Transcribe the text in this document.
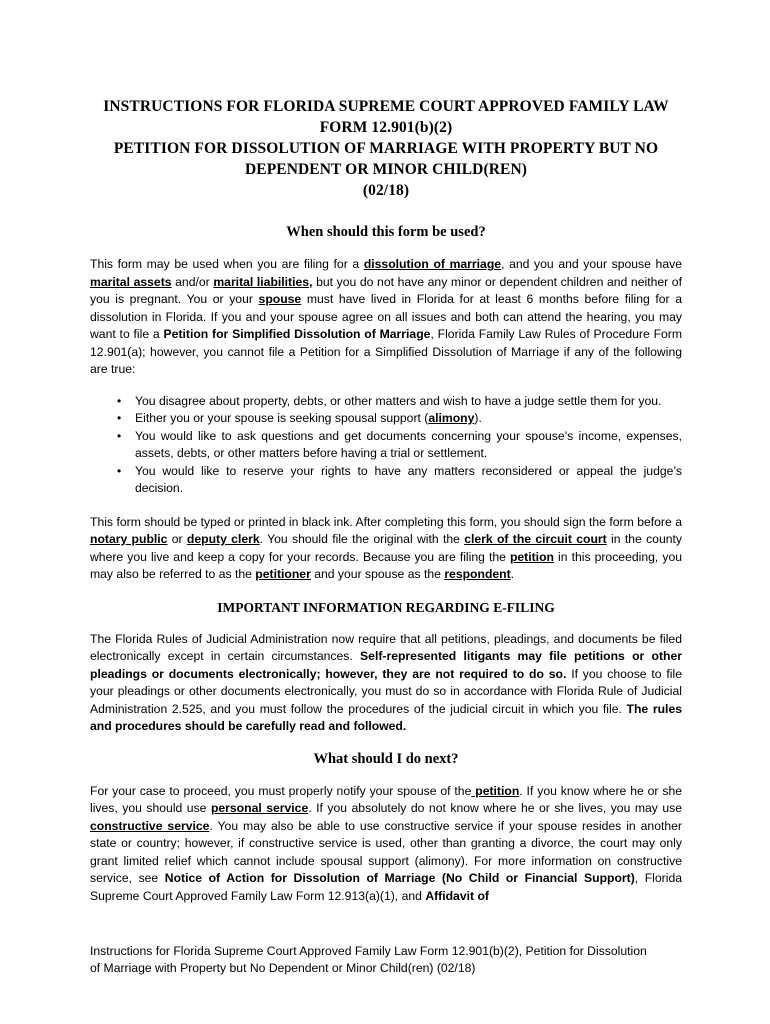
INSTRUCTIONS FOR FLORIDA SUPREME COURT APPROVED FAMILY LAW
FORM 12.901(b)(2)
PETITION FOR DISSOLUTION OF MARRIAGE WITH PROPERTY BUT NO
DEPENDENT OR MINOR CHILD(REN)
(02/18)
When should this form be used?

This form may be used when you are filing for a dissolution of marriage, and you and your spouse have marital assets and/or marital liabilities, but you do not have any minor or dependent children and neither of you is pregnant. You or your spouse must have lived in Florida for at least 6 months before filing for a dissolution in Florida. If you and your spouse agree on all issues and both can attend the hearing, you may want to file a Petition for Simplified Dissolution of Marriage, Florida Family Law Rules of Procedure Form 12.901(a); however, you cannot file a Petition for a Simplified Dissolution of Marriage if any of the following are true:

• You disagree about property, debts, or other matters and wish to have a judge settle them for you.
• Either you or your spouse is seeking spousal support (alimony).
• You would like to ask questions and get documents concerning your spouse’s income, expenses, assets, debts, or other matters before having a trial or settlement.
• You would like to reserve your rights to have any matters reconsidered or appeal the judge’s decision.

This form should be typed or printed in black ink. After completing this form, you should sign the form before a notary public or deputy clerk. You should file the original with the clerk of the circuit court in the county where you live and keep a copy for your records. Because you are filing the petition in this proceeding, you may also be referred to as the petitioner and your spouse as the respondent.

IMPORTANT INFORMATION REGARDING E-FILING

The Florida Rules of Judicial Administration now require that all petitions, pleadings, and documents be filed electronically except in certain circumstances. Self-represented litigants may file petitions or other pleadings or documents electronically; however, they are not required to do so. If you choose to file your pleadings or other documents electronically, you must do so in accordance with Florida Rule of Judicial Administration 2.525, and you must follow the procedures of the judicial circuit in which you file. The rules and procedures should be carefully read and followed.

What should I do next?

For your case to proceed, you must properly notify your spouse of the petition. If you know where he or she lives, you should use personal service. If you absolutely do not know where he or she lives, you may use constructive service. You may also be able to use constructive service if your spouse resides in another state or country; however, if constructive service is used, other than granting a divorce, the court may only grant limited relief which cannot include spousal support (alimony). For more information on constructive service, see Notice of Action for Dissolution of Marriage (No Child or Financial Support), Florida Supreme Court Approved Family Law Form 12.913(a)(1), and Affidavit of

Instructions for Florida Supreme Court Approved Family Law Form 12.901(b)(2), Petition for Dissolution
of Marriage with Property but No Dependent or Minor Child(ren) (02/18)
